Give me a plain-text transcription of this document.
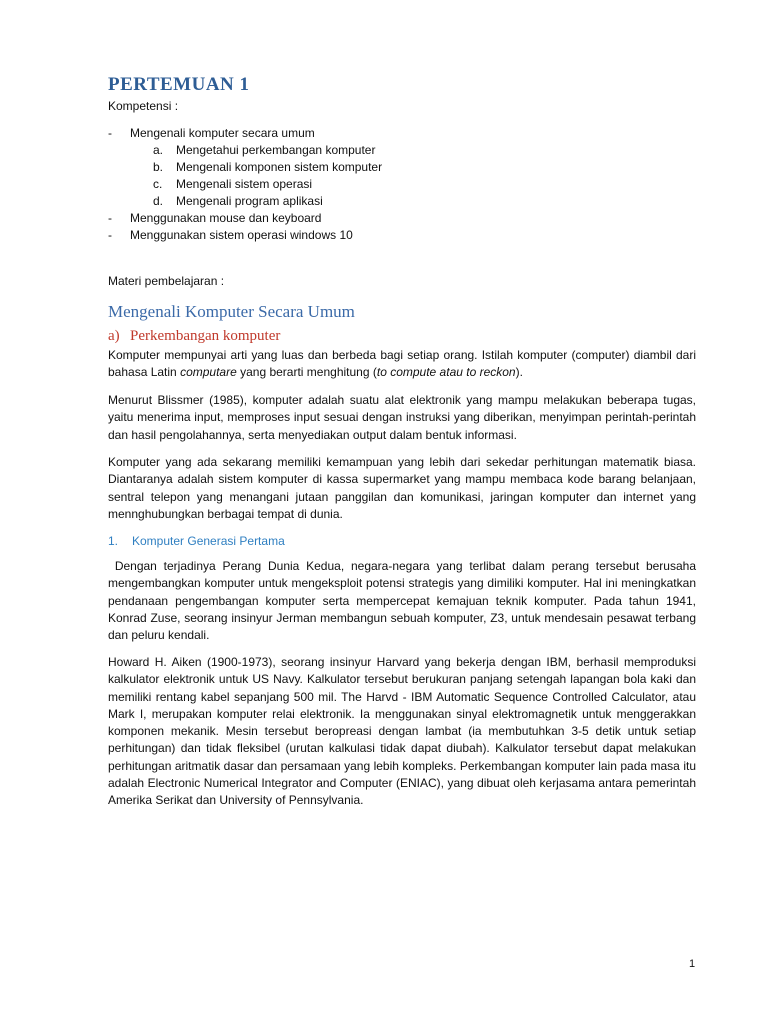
PERTEMUAN 1
Kompetensi :
- Mengenali komputer secara umum
a. Mengetahui perkembangan komputer
b. Mengenali komponen sistem komputer
c. Mengenali sistem operasi
d. Mengenali program aplikasi
- Menggunakan mouse dan keyboard
- Menggunakan sistem operasi windows 10
Materi pembelajaran :
Mengenali Komputer Secara Umum
a) Perkembangan komputer
Komputer mempunyai arti yang luas dan berbeda bagi setiap orang. Istilah komputer (computer) diambil dari bahasa Latin computare yang berarti menghitung (to compute atau to reckon).
Menurut Blissmer (1985), komputer adalah suatu alat elektronik yang mampu melakukan beberapa tugas, yaitu menerima input, memproses input sesuai dengan instruksi yang diberikan, menyimpan perintah-perintah dan hasil pengolahannya, serta menyediakan output dalam bentuk informasi.
Komputer yang ada sekarang memiliki kemampuan yang lebih dari sekedar perhitungan matematik biasa. Diantaranya adalah sistem komputer di kassa supermarket yang mampu membaca kode barang belanjaan, sentral telepon yang menangani jutaan panggilan dan komunikasi, jaringan komputer dan internet yang mennghubungkan berbagai tempat di dunia.
1. Komputer Generasi Pertama
Dengan terjadinya Perang Dunia Kedua, negara-negara yang terlibat dalam perang tersebut berusaha mengembangkan komputer untuk mengeksploit potensi strategis yang dimiliki komputer. Hal ini meningkatkan pendanaan pengembangan komputer serta mempercepat kemajuan teknik komputer. Pada tahun 1941, Konrad Zuse, seorang insinyur Jerman membangun sebuah komputer, Z3, untuk mendesain pesawat terbang dan peluru kendali.
Howard H. Aiken (1900-1973), seorang insinyur Harvard yang bekerja dengan IBM, berhasil memproduksi kalkulator elektronik untuk US Navy. Kalkulator tersebut berukuran panjang setengah lapangan bola kaki dan memiliki rentang kabel sepanjang 500 mil. The Harvd - IBM Automatic Sequence Controlled Calculator, atau Mark I, merupakan komputer relai elektronik. Ia menggunakan sinyal elektromagnetik untuk menggerakkan komponen mekanik. Mesin tersebut beropreasi dengan lambat (ia membutuhkan 3-5 detik untuk setiap perhitungan) dan tidak fleksibel (urutan kalkulasi tidak dapat diubah). Kalkulator tersebut dapat melakukan perhitungan aritmatik dasar dan persamaan yang lebih kompleks. Perkembangan komputer lain pada masa itu adalah Electronic Numerical Integrator and Computer (ENIAC), yang dibuat oleh kerjasama antara pemerintah Amerika Serikat dan University of Pennsylvania.
1
